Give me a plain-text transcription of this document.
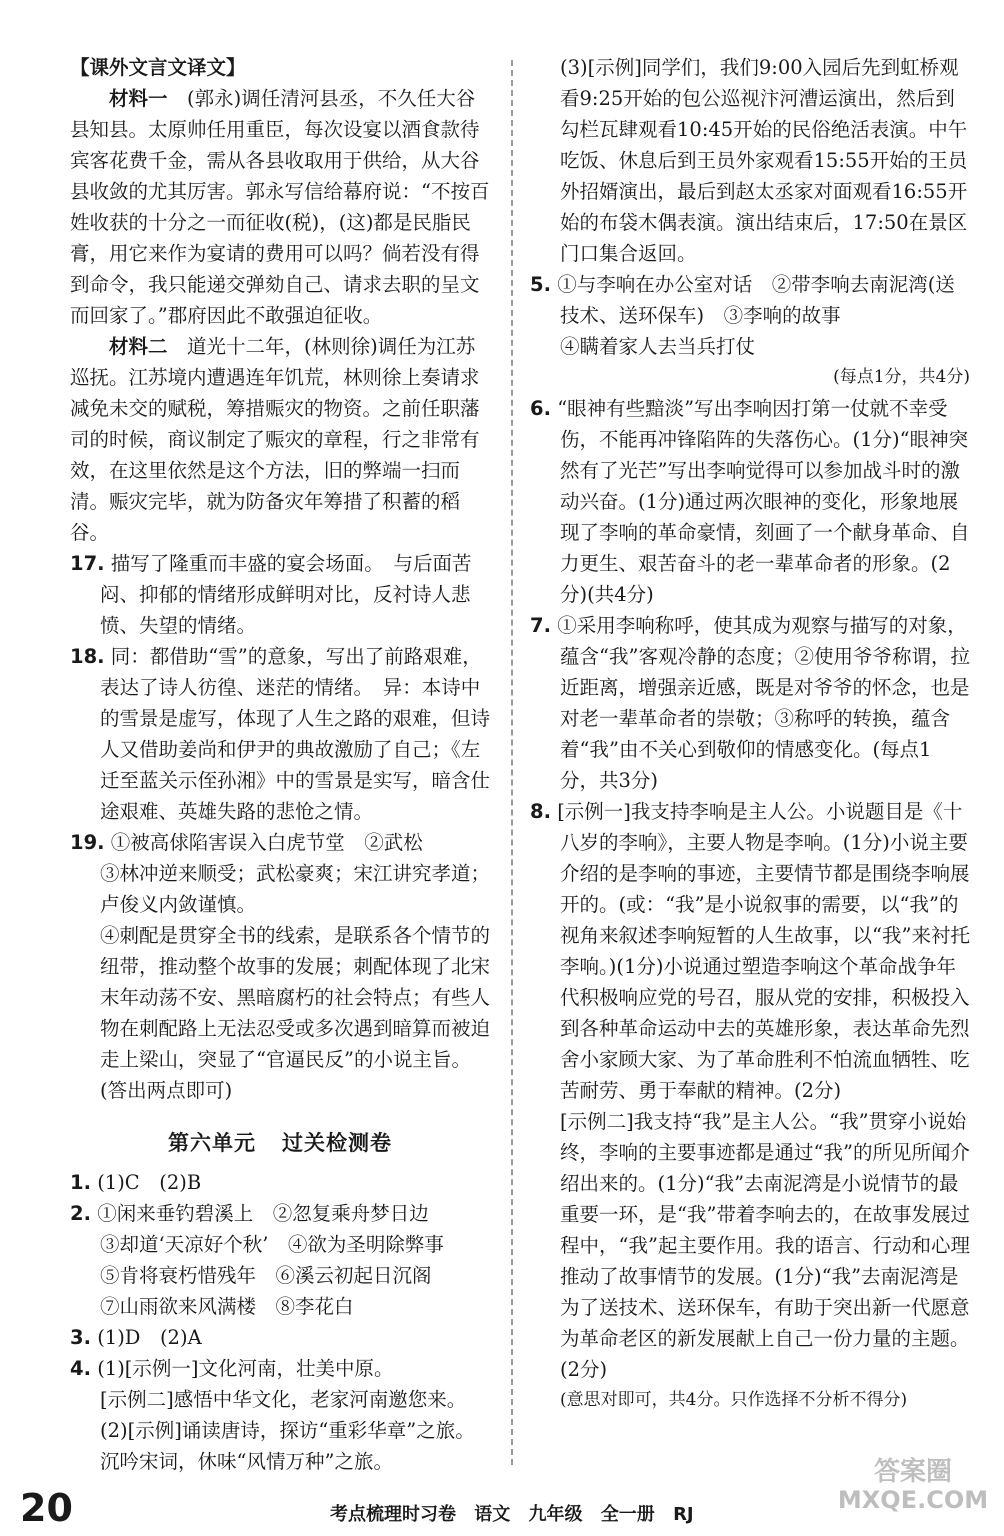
【课外文言文译文】

材料一　 (郭永)调任清河县丞，不久任大谷县知县。太原帅任用重臣，每次设宴以酒食款待宾客花费千金，需从各县收取用于供给，从大谷县收敛的尤其厉害。郭永写信给幕府说：“不按百姓收获的十分之一而征收(税)，(这)都是民脂民膏，用它来作为宴请的费用可以吗？倘若没有得到命令，我只能递交弹劾自己、请求去职的呈文而回家了。”郡府因此不敢强迫征收。

材料二　 道光十二年，(林则徐)调任为江苏巡抚。江苏境内遭遇连年饥荒，林则徐上奏请求减免未交的赋税，筹措赈灾的物资。之前任职藩司的时候，商议制定了赈灾的章程，行之非常有效，在这里依然是这个方法，旧的弊端一扫而清。赈灾完毕，就为防备灾年筹措了积蓄的稻谷。

17. 描写了隆重而丰盛的宴会场面。　与后面苦闷、抑郁的情绪形成鲜明对比，反衬诗人悲愤、失望的情绪。

18. 同：都借助“雪”的意象，写出了前路艰难，表达了诗人彷徨、迷茫的情绪。　异：本诗中的雪景是虚写，体现了人生之路的艰难，但诗人又借助姜尚和伊尹的典故激励了自己；《左迁至蓝关示侄孙湘》中的雪景是实写，暗含仕途艰难、英雄失路的悲怆之情。

19. ①被高俅陷害误入白虎节堂　②武松

③林冲逆来顺受；武松豪爽；宋江讲究孝道；卢俊义内敛谨慎。

④刺配是贯穿全书的线索，是联系各个情节的纽带，推动整个故事的发展；刺配体现了北宋末年动荡不安、黑暗腐朽的社会特点；有些人物在刺配路上无法忍受或多次遇到暗算而被迫走上梁山，突显了“官逼民反”的小说主旨。(答出两点即可)

第六单元 过关检测卷

1. (1)C　(2)B

2. ①闲来垂钓碧溪上　②忽复乘舟梦日边

③却道‘天凉好个秋’　④欲为圣明除弊事

⑤肯将衰朽惜残年　⑥溪云初起日沉阁

⑦山雨欲来风满楼　⑧李花白

3. (1)D　(2)A

4. (1)[示例一]文化河南，壮美中原。

[示例二]感悟中华文化，老家河南邀您来。

(2)[示例]诵读唐诗，探访“重彩华章”之旅。　沉吟宋词，休味“风情万种”之旅。

(3)[示例]同学们，我们9:00入园后先到虹桥观看9:25开始的包公巡视汴河漕运演出，然后到勾栏瓦肆观看10:45开始的民俗绝活表演。中午吃饭、休息后到王员外家观看15:55开始的王员外招婿演出，最后到赵太丞家对面观看16:55开始的布袋木偶表演。演出结束后，17:50在景区门口集合返回。

5. ①与李响在办公室对话　②带李响去南泥湾(送技术、送环保车)　③李响的故事

④瞒着家人去当兵打仗

(每点1分，共4分)

6. “眼神有些黯淡”写出李响因打第一仗就不幸受伤，不能再冲锋陷阵的失落伤心。(1分)“眼神突然有了光芒”写出李响觉得可以参加战斗时的激动兴奋。(1分)通过两次眼神的变化，形象地展现了李响的革命豪情，刻画了一个献身革命、自力更生、艰苦奋斗的老一辈革命者的形象。(2分)(共4分)

7. ①采用李响称呼，使其成为观察与描写的对象，蕴含“我”客观冷静的态度；②使用爷爷称谓，拉近距离，增强亲近感，既是对爷爷的怀念，也是对老一辈革命者的崇敬；③称呼的转换，蕴含着“我”由不关心到敬仰的情感变化。(每点1分，共3分)

8. [示例一]我支持李响是主人公。小说题目是《十八岁的李响》，主要人物是李响。(1分)小说主要介绍的是李响的事迹，主要情节都是围绕李响展开的。(或：“我”是小说叙事的需要，以“我”的视角来叙述李响短暂的人生故事，以“我”来衬托李响。)(1分)小说通过塑造李响这个革命战争年代积极响应党的号召，服从党的安排，积极投入到各种革命运动中去的英雄形象，表达革命先烈舍小家顾大家、为了革命胜利不怕流血牺牲、吃苦耐劳、勇于奉献的精神。(2分)

[示例二]我支持“我”是主人公。“我”贯穿小说始终，李响的主要事迹都是通过“我”的所见所闻介绍出来的。(1分)“我”去南泥湾是小说情节的最重要一环，是“我”带着李响去的，在故事发展过程中，“我”起主要作用。我的语言、行动和心理推动了故事情节的发展。(1分)“我”去南泥湾是为了送技术、送环保车，有助于突出新一代愿意为革命老区的新发展献上自己一份力量的主题。(2分)

(意思对即可，共4分。只作选择不分析不得分)

20	考点梳理时习卷 语文 九年级 全一册 RJ
答案圈
MXQE.COM
